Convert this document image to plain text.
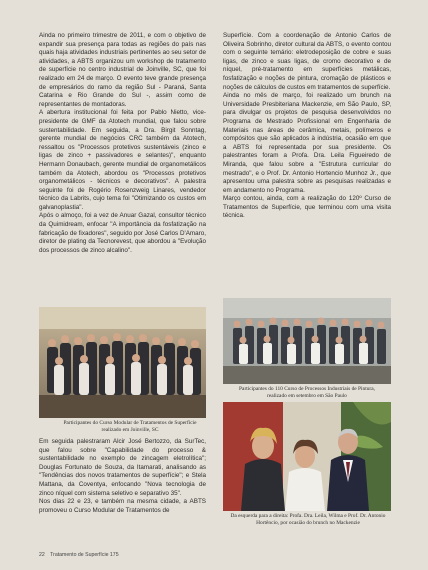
Ainda no primeiro trimestre de 2011, e com o objetivo de expandir sua presença para todas as regiões do país nas quais haja atividades industriais pertinentes ao seu setor de atividades, a ABTS organizou um workshop de tratamento de superfície no centro industrial de Joinville, SC, que foi realizado em 24 de março. O evento teve grande presença de empresários do ramo da região Sul - Paraná, Santa Catarina e Rio Grande do Sul -, assim como de representantes de montadoras.

A abertura institucional foi feita por Pablo Nietto, vice-presidente de GMF da Atotech mundial, que falou sobre sustentabilidade. Em seguida, a Dra. Birgit Sonntag, gerente mundial de negócios CRC também da Atotech, ressaltou os "Processos protetivos sustentáveis (zinco e ligas de zinco + passivadores e selantes)", enquanto Hermann Donaubach, gerente mundial de organometálicos também da Atotech, abordou os "Processos protetivos organometálicos - técnicos e decorativos". A palestra seguinte foi de Rogério Rosenzweig Linares, vendedor técnico da Labrits, cujo tema foi "Otimizando os custos em galvanoplastia".

Após o almoço, foi a vez de Anuar Gazal, consultor técnico da Quimidream, enfocar "A importância da fosfatização na fabricação de fixadores", seguido por José Carlos D'Amaro, diretor de plating da Tecnorevest, que abordou a "Evolução dos processos de zinco alcalino".

Participantes do Curso Modular de Tratamentos de Superfície realizado em Joinville, SC

Em seguida palestraram Alcir José Bertozzo, da SurTec, que falou sobre "Capabilidade do processo & sustentabilidade no exemplo de zincagem eletrolítica"; Douglas Fortunato de Souza, da Itamarati, analisando as "Tendências dos novos tratamentos de superfície"; e Stela Mattana, da Coventya, enfocando "Nova tecnologia de zinco níquel com sistema seletivo e separativo 35".

Nos dias 22 e 23, e também na mesma cidade, a ABTS promoveu o Curso Modular de Tratamentos de

Superfície. Com a coordenação de Antonio Carlos de Oliveira Sobrinho, diretor cultural da ABTS, o evento contou com o seguinte temário: eletrodeposição de cobre e suas ligas, de zinco e suas ligas, de cromo decorativo e de níquel, pré-tratamento em superfícies metálicas, fosfatização e noções de pintura, cromação de plásticos e noções de cálculos de custos em tratamentos de superfície.

Ainda no mês de março, foi realizado um brunch na Universidade Presbiteriana Mackenzie, em São Paulo, SP, para divulgar os projetos de pesquisa desenvolvidos no Programa de Mestrado Profissional em Engenharia de Materiais nas áreas de cerâmica, metais, polímeros e compósitos que são aplicados à indústria, ocasião em que a ABTS foi representada por sua presidente. Os palestrantes foram a Profa. Dra. Leila Figueiredo de Miranda, que falou sobre a "Estrutura curricular do mestrado", e o Prof. Dr. Antonio Hortencio Munhoz Jr., que apresentou uma palestra sobre as pesquisas realizadas e em andamento no Programa.

Março contou, ainda, com a realização do 120º Curso de Tratamentos de Superfície, que terminou com uma visita técnica.

Participantes do 110 Curso de Processos Industriais de Pintura, realizado em setembro em São Paulo
Da esquerda para a direita: Profa. Dra. Leila, Wilma e Prof. Dr. Antonio Hortêncio, por ocasião do brunch no Mackenzie
22 Tratamento de Superfície 175
